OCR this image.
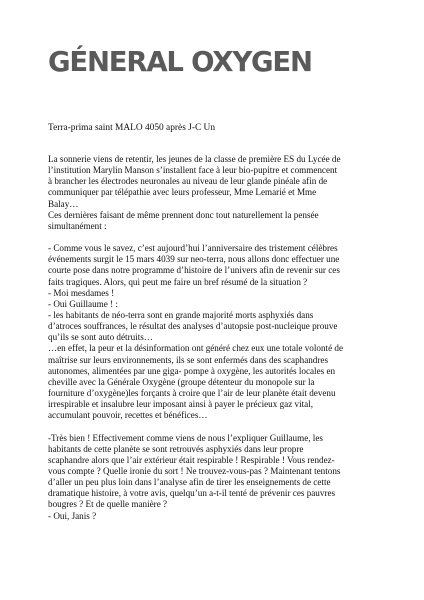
GÉNERAL OXYGEN
Terra-prima saint MALO 4050 après J-C Un
La sonnerie viens de retentir, les jeunes de la classe de première ES du Lycée de
l’institution Marylin Manson s’installent face à leur bio-pupitre et commencent
à brancher les électrodes neuronales au niveau de leur glande pinéale afin de
communiquer par télépathie avec leurs professeur, Mme Lemarié et Mme
Balay…
Ces dernières faisant de même prennent donc tout naturellement la pensée
simultanément :
- Comme vous le savez, c’est aujourd’hui l’anniversaire des tristement célèbres
événements surgit le 15 mars 4039 sur neo-terra, nous allons donc effectuer une
courte pose dans notre programme d’histoire de l’univers afin de revenir sur ces
faits tragiques. Alors, qui peut me faire un bref résumé de la situation ?
- Moi mesdames !
- Oui Guillaume ! :
- les habitants de néo-terra sont en grande majorité morts asphyxiés dans
d’atroces souffrances, le résultat des analyses d’autopsie post-nucleique prouve
qu’ils se sont auto détruits…
…en effet, la peur et la désinformation ont généré chez eux une totale volonté de
maîtrise sur leurs environnements, ils se sont enfermés dans des scaphandres
autonomes, alimentées par une giga- pompe à oxygène, les autorités locales en
cheville avec la Générale Oxygène (groupe détenteur du monopole sur la
fourniture d’oxygène)les forçants à croire que l’air de leur planète était devenu
irrespirable et insalubre leur imposant ainsi à payer le précieux gaz vital,
accumulant pouvoir, recettes et bénéfices…
-Très bien ! Effectivement comme viens de nous l’expliquer Guillaume, les
habitants de cette planète se sont retrouvés asphyxiés dans leur propre
scaphandre alors que l’air extérieur était respirable ! Respirable ! Vous rendez-
vous compte ? Quelle ironie du sort ! Ne trouvez-vous-pas ? Maintenant tentons
d’aller un peu plus loin dans l’analyse afin de tirer les enseignements de cette
dramatique histoire, à votre avis, quelqu’un a-t-il tenté de prévenir ces pauvres
bougres ? Et de quelle manière ?
- Oui, Janis ?
